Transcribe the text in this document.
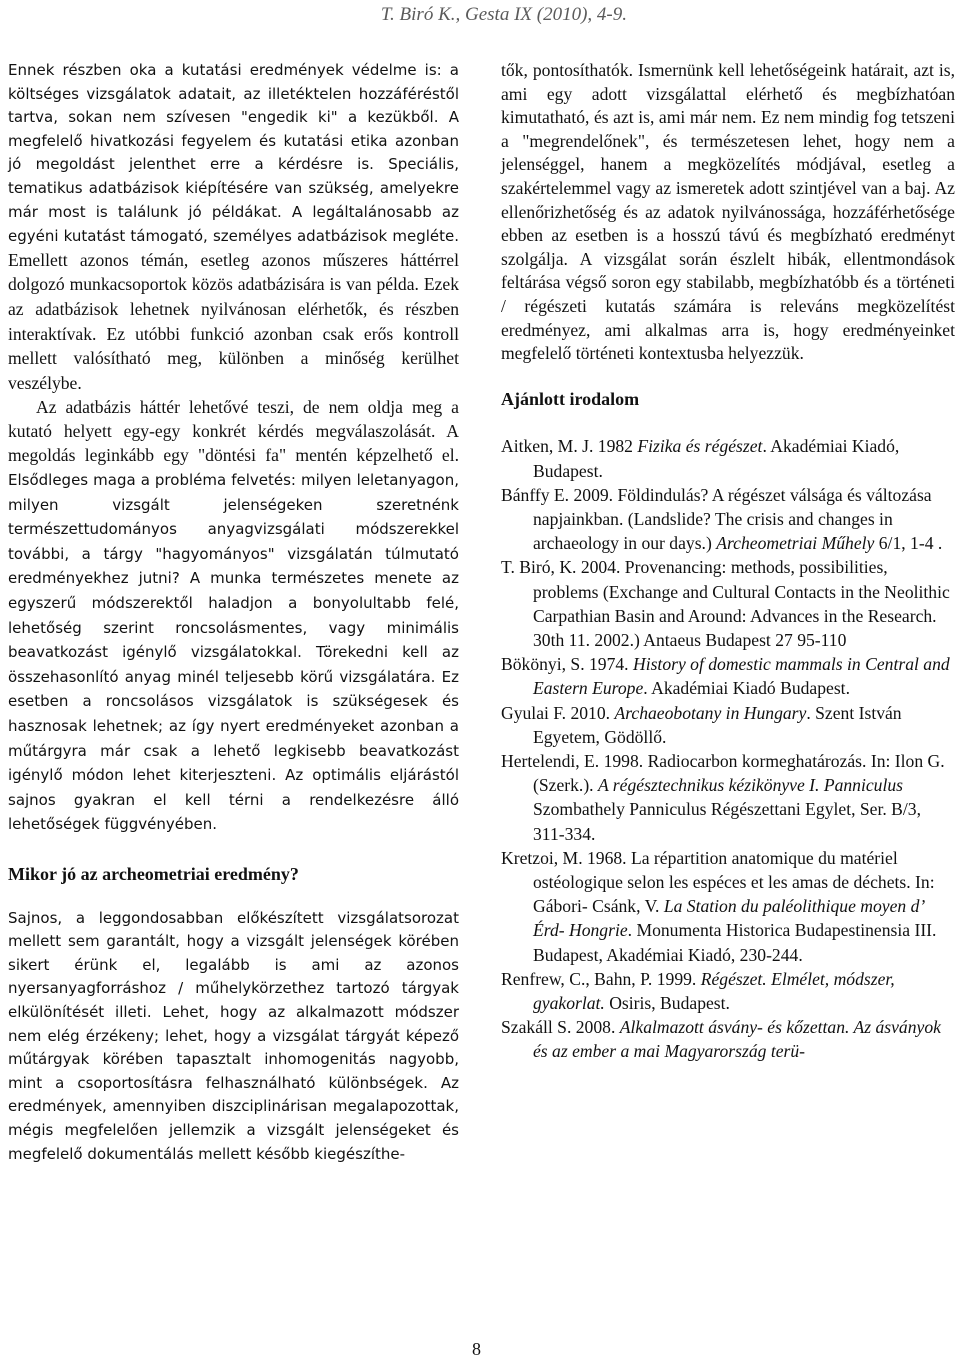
T. Biró K., Gesta IX (2010), 4-9.

Ennek részben oka a kutatási eredmények védelme is: a költséges vizsgálatok adatait, az illetéktelen hozzáféréstől tartva, sokan nem szívesen "engedik ki" a kezükből. A megfelelő hivatkozási fegyelem és kutatási etika azonban jó megoldást jelenthet erre a kérdésre is. Speciális, tematikus adatbázisok kiépítésére van szükség, amelyekre már most is találunk jó példákat. A legáltalánosabb az egyéni kutatást támogató, személyes adatbázisok megléte. Emellett azonos témán, esetleg azonos műszeres háttérrel dolgozó munkacsoportok közös adatbázisára is van példa. Ezek az adatbázisok lehetnek nyilvánosan elérhetők, és részben interaktívak. Ez utóbbi funkció azonban csak erős kontroll mellett valósítható meg, különben a minőség kerülhet veszélybe.

Az adatbázis háttér lehetővé teszi, de nem oldja meg a kutató helyett egy-egy konkrét kérdés megválaszolását. A megoldás leginkább egy "döntési fa" mentén képzelhető el. Elsődleges maga a probléma felvetés: milyen leletanyagon, milyen vizsgált jelenségeken szeretnénk természettudományos anyagvizsgálati módszerekkel további, a tárgy "hagyományos" vizsgálatán túlmutató eredményekhez jutni? A munka természetes menete az egyszerű módszerektől haladjon a bonyolultabb felé, lehetőség szerint roncsolásmentes, vagy minimális beavatkozást igénylő vizsgálatokkal. Törekedni kell az összehasonlító anyag minél teljesebb körű vizsgálatára. Ez esetben a roncsolásos vizsgálatok is szükségesek és hasznosak lehetnek; az így nyert eredményeket azonban a műtárgyra már csak a lehető legkisebb beavatkozást igénylő módon lehet kiterjeszteni. Az optimális eljárástól sajnos gyakran el kell térni a rendelkezésre álló lehetőségek függvényében.

Mikor jó az archeometriai eredmény?

Sajnos, a leggondosabban előkészített vizsgálatsorozat mellett sem garantált, hogy a vizsgált jelenségek körében sikert érünk el, legalább is ami az azonos nyersanyagforráshoz / műhelykörzethez tartozó tárgyak elkülönítését illeti. Lehet, hogy az alkalmazott módszer nem elég érzékeny; lehet, hogy a vizsgálat tárgyát képező műtárgyak körében tapasztalt inhomogenitás nagyobb, mint a csoportosításra felhasználható különbségek. Az eredmények, amennyiben diszciplinárisan megalapozottak, mégis megfelelően jellemzik a vizsgált jelenségeket és megfelelő dokumentálás mellett később kiegészíthe-

tők, pontosíthatók. Ismernünk kell lehetőségeink határait, azt is, ami egy adott vizsgálattal elérhető és megbízhatóan kimutatható, és azt is, ami már nem. Ez nem mindig fog tetszeni a "megrendelőnek", és természetesen lehet, hogy nem a jelenséggel, hanem a megközelítés módjával, esetleg a szakértelemmel vagy az ismeretek adott szintjével van a baj. Az ellenőrizhetőség és az adatok nyilvánossága, hozzáférhetősége ebben az esetben is a hosszú távú és megbízható eredményt szolgálja. A vizsgálat során észlelt hibák, ellentmondások feltárása végső soron egy stabilabb, megbízhatóbb és a történeti / régészeti kutatás számára is releváns megközelítést eredményez, ami alkalmas arra is, hogy eredményeinket megfelelő történeti kontextusba helyezzük.

Ajánlott irodalom

Aitken, M. J. 1982 Fizika és régészet. Akadémiai Kiadó, Budapest.

Bánffy E. 2009. Földindulás? A régészet válsága és változása napjainkban. (Landslide? The crisis and changes in archaeology in our days.) Archeometriai Műhely 6/1, 1-4 .

T. Biró, K. 2004. Provenancing: methods, possibilities, problems (Exchange and Cultural Contacts in the Neolithic Carpathian Basin and Around: Advances in the Research. 30th 11. 2002.) Antaeus Budapest 27 95-110

Bökönyi, S. 1974. History of domestic mammals in Central and Eastern Europe. Akadémiai Kiadó Budapest.

Gyulai F. 2010. Archaeobotany in Hungary. Szent István Egyetem, Gödöllő.

Hertelendi, E. 1998. Radiocarbon kormeghatározás. In: Ilon G. (Szerk.). A régésztechnikus kézikönyve I. Panniculus Szombathely Panniculus Régészettani Egylet, Ser. B/3, 311-334.

Kretzoi, M. 1968. La répartition anatomique du matériel ostéologique selon les espéces et les amas de déchets. In: Gábori- Csánk, V. La Station du paléolithique moyen d’ Érd- Hongrie. Monumenta Historica Budapestinensia III. Budapest, Akadémiai Kiadó, 230-244.

Renfrew, C., Bahn, P. 1999. Régészet. Elmélet, módszer, gyakorlat. Osiris, Budapest.

Szakáll S. 2008. Alkalmazott ásvány- és kőzettan. Az ásványok és az ember a mai Magyarország terü-

8
